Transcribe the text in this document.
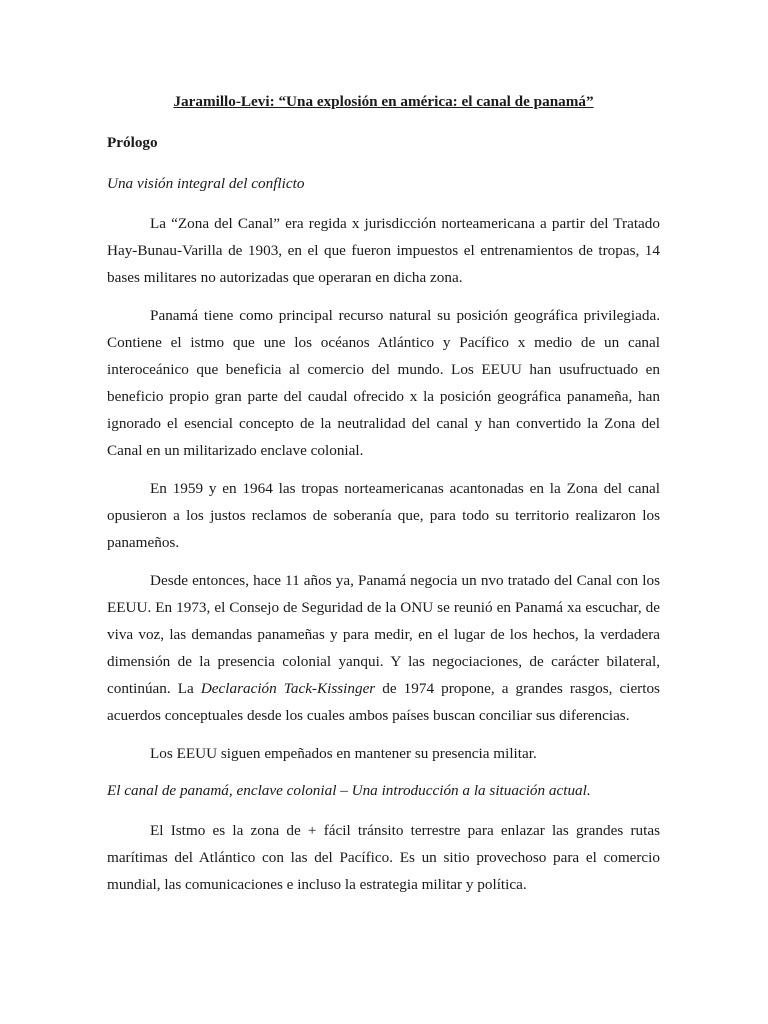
Jaramillo-Levi: “Una explosión en américa: el canal de panamá”
Prólogo
Una visión integral del conflicto

La “Zona del Canal” era regida x jurisdicción norteamericana a partir del Tratado Hay-Bunau-Varilla de 1903, en el que fueron impuestos el entrenamientos de tropas, 14 bases militares no autorizadas que operaran en dicha zona.

Panamá tiene como principal recurso natural su posición geográfica privilegiada. Contiene el istmo que une los océanos Atlántico y Pacífico x medio de un canal interoceánico que beneficia al comercio del mundo. Los EEUU han usufructuado en beneficio propio gran parte del caudal ofrecido x la posición geográfica panameña, han ignorado el esencial concepto de la neutralidad del canal y han convertido la Zona del Canal en un militarizado enclave colonial.

En 1959 y en 1964 las tropas norteamericanas acantonadas en la Zona del canal opusieron a los justos reclamos de soberanía que, para todo su territorio realizaron los panameños.

Desde entonces, hace 11 años ya, Panamá negocia un nvo tratado del Canal con los EEUU. En 1973, el Consejo de Seguridad de la ONU se reunió en Panamá xa escuchar, de viva voz, las demandas panameñas y para medir, en el lugar de los hechos, la verdadera dimensión de la presencia colonial yanqui. Y las negociaciones, de carácter bilateral, continúan. La Declaración Tack-Kissinger de 1974 propone, a grandes rasgos, ciertos acuerdos conceptuales desde los cuales ambos países buscan conciliar sus diferencias.

Los EEUU siguen empeñados en mantener su presencia militar.

El canal de panamá, enclave colonial – Una introducción a la situación actual.

El Istmo es la zona de + fácil tránsito terrestre para enlazar las grandes rutas marítimas del Atlántico con las del Pacífico. Es un sitio provechoso para el comercio mundial, las comunicaciones e incluso la estrategia militar y política.
